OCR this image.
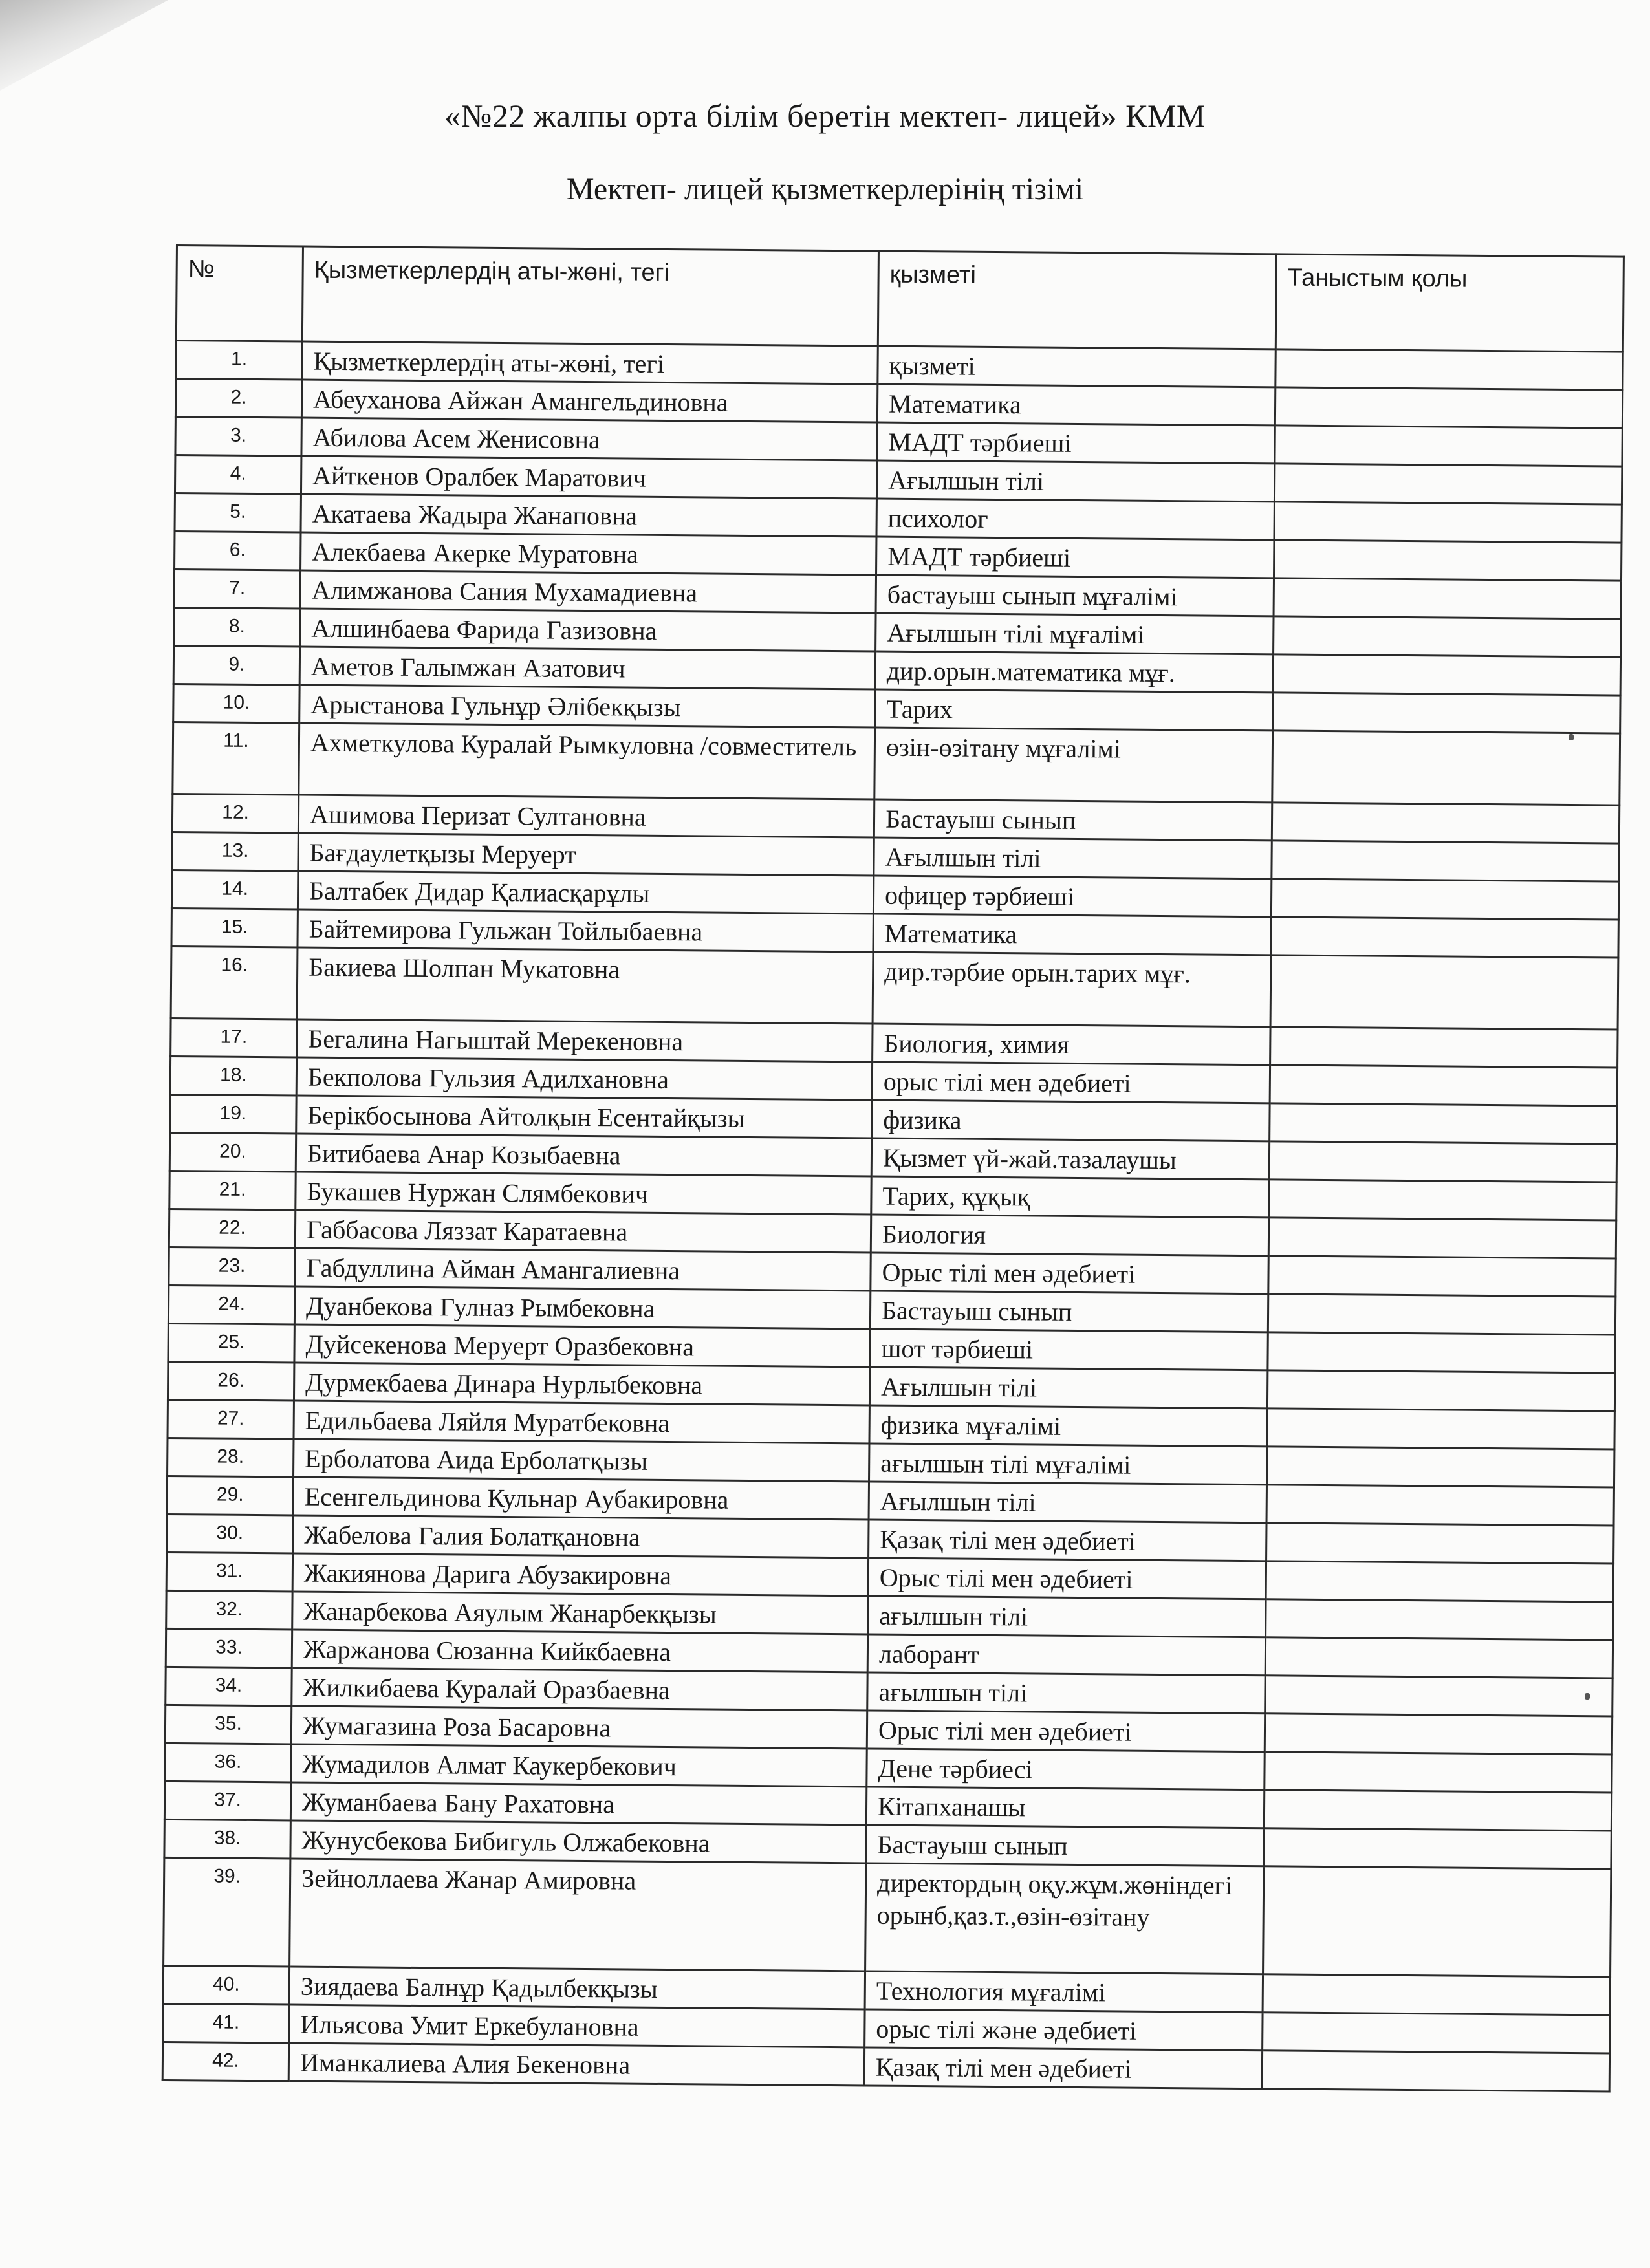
«№22 жалпы орта білім беретін мектеп- лицей» КММ
Мектеп- лицей қызметкерлерінің тізімі
№	Қызметкерлердің аты-жөні, тегі	қызметі	Таныстым қолы
1.	Қызметкерлердің аты-жөні, тегі	қызметі	
2.	Абеуханова Айжан Амангельдиновна	Математика	
3.	Абилова Асем Женисовна	МАДТ тәрбиеші	
4.	Айткенов Оралбек Маратович	Ағылшын тілі	
5.	Акатаева Жадыра Жанаповна	психолог	
6.	Алекбаева Акерке Муратовна	МАДТ тәрбиеші	
7.	Алимжанова Сания Мухамадиевна	бастауыш сынып мұғалімі	
8.	Алшинбаева Фарида Газизовна	Ағылшын тілі мұғалімі	
9.	Аметов Галымжан Азатович	дир.орын.математика мұғ.	
10.	Арыстанова Гульнұр Әлібекқызы	Тарих	
11.	Ахметкулова Куралай Рымкуловна /совместитель	өзін-өзітану мұғалімі	
12.	Ашимова Перизат Султановна	Бастауыш сынып	
13.	Бағдаулетқызы Меруерт	Ағылшын тілі	
14.	Балтабек Дидар Қалиасқарұлы	офицер тәрбиеші	
15.	Байтемирова Гульжан Тойлыбаевна	Математика	
16.	Бакиева Шолпан Мукатовна	дир.тәрбие орын.тарих мұғ.	
17.	Бегалина Нагыштай Мерекеновна	Биология, химия	
18.	Бекполова Гульзия Адилхановна	орыс тілі мен әдебиеті	
19.	Берікбосынова Айтолқын Есентайқызы	физика	
20.	Битибаева Анар Козыбаевна	Қызмет үй-жай.тазалаушы	
21.	Букашев Нуржан Слямбекович	Тарих, құқық	
22.	Габбасова Ляззат Каратаевна	Биология	
23.	Габдуллина Айман Амангалиевна	Орыс тілі мен әдебиеті	
24.	Дуанбекова Гулназ Рымбековна	Бастауыш сынып	
25.	Дуйсекенова Меруерт Оразбековна	шот тәрбиеші	
26.	Дурмекбаева Динара Нурлыбековна	Ағылшын тілі	
27.	Едильбаева Ляйля Муратбековна	физика мұғалімі	
28.	Ерболатова Аида Ерболатқызы	ағылшын тілі мұғалімі	
29.	Есенгельдинова Кульнар Аубакировна	Ағылшын тілі	
30.	Жабелова Галия Болатқановна	Қазақ тілі мен әдебиеті	
31.	Жакиянова Дарига Абузакировна	Орыс тілі мен әдебиеті	
32.	Жанарбекова Аяулым Жанарбекқызы	ағылшын тілі	
33.	Жаржанова Сюзанна Кийкбаевна	лаборант	
34.	Жилкибаева Куралай Оразбаевна	ағылшын тілі	
35.	Жумагазина Роза Басаровна	Орыс тілі мен әдебиеті	
36.	Жумадилов Алмат Каукербекович	Дене тәрбиесі	
37.	Жуманбаева Бану Рахатовна	Кітапханашы	
38.	Жунусбекова Бибигуль Олжабековна	Бастауыш сынып	
39.	Зейноллаева Жанар Амировна	директордың оқу.жұм.жөніндегі орынб,қаз.т.,өзін-өзітану	
40.	Зиядаева Балнұр Қадылбекқызы	Технология мұғалімі	
41.	Ильясова Умит Еркебулановна	орыс тілі және әдебиеті	
42.	Иманкалиева Алия Бекеновна	Қазақ тілі мен әдебиеті	
